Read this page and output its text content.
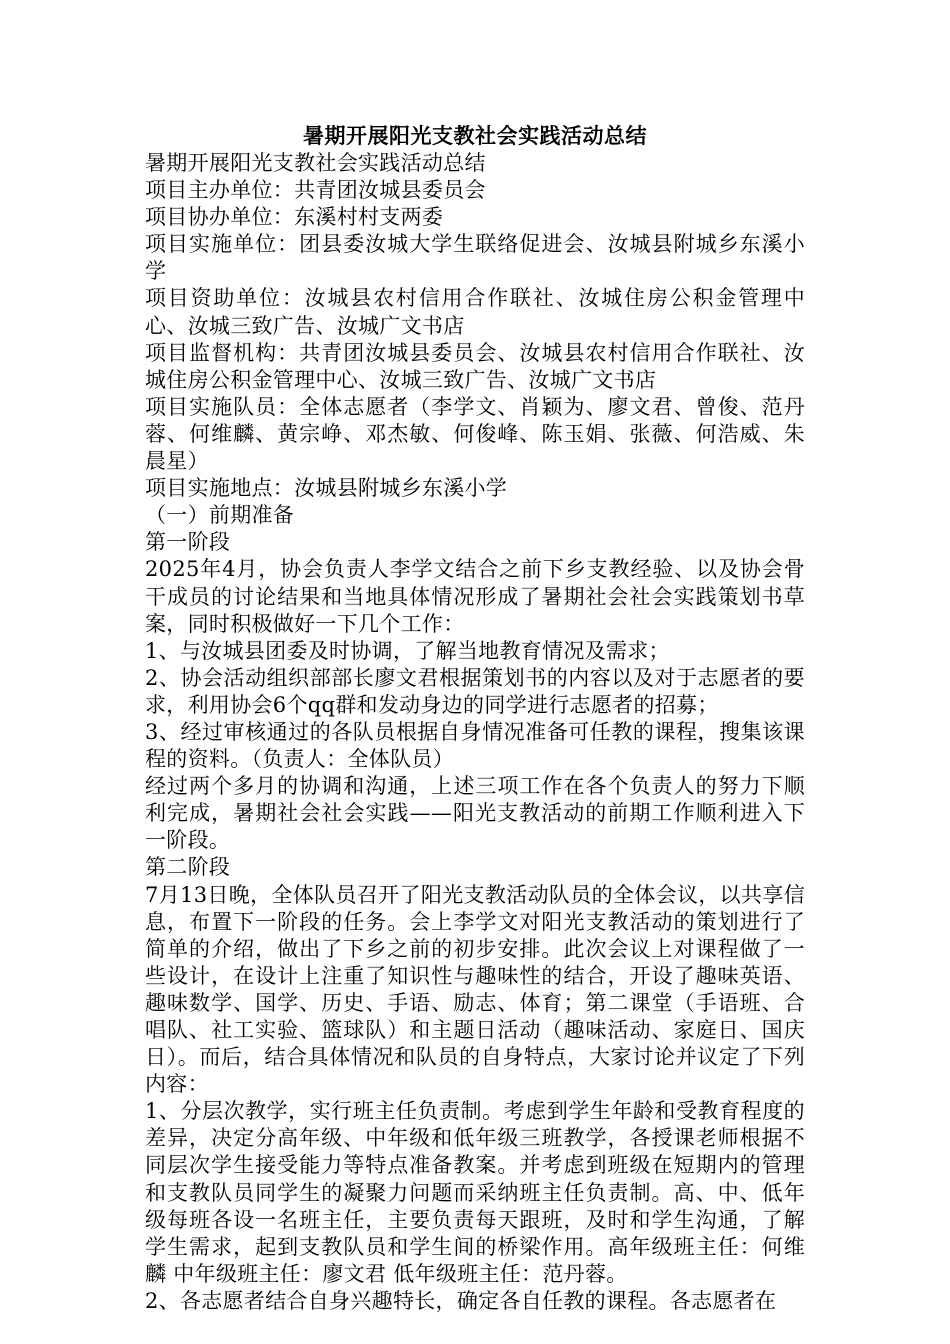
暑期开展阳光支教社会实践活动总结

暑期开展阳光支教社会实践活动总结

项目主办单位：共青团汝城县委员会

项目协办单位：东溪村村支两委

项目实施单位：团县委汝城大学生联络促进会、汝城县附城乡东溪小学

项目资助单位：汝城县农村信用合作联社、汝城住房公积金管理中心、汝城三致广告、汝城广文书店

项目监督机构：共青团汝城县委员会、汝城县农村信用合作联社、汝城住房公积金管理中心、汝城三致广告、汝城广文书店

项目实施队员：全体志愿者（李学文、肖颖为、廖文君、曾俊、范丹蓉、何维麟、黄宗峥、邓杰敏、何俊峰、陈玉娟、张薇、何浩威、朱晨星）

项目实施地点：汝城县附城乡东溪小学

（一）前期准备

第一阶段

2025年4月，协会负责人李学文结合之前下乡支教经验、以及协会骨干成员的讨论结果和当地具体情况形成了暑期社会社会实践策划书草案，同时积极做好一下几个工作：

1、与汝城县团委及时协调，了解当地教育情况及需求；

2、协会活动组织部部长廖文君根据策划书的内容以及对于志愿者的要求，利用协会6个qq群和发动身边的同学进行志愿者的招募；

3、经过审核通过的各队员根据自身情况准备可任教的课程，搜集该课程的资料。（负责人：全体队员）

经过两个多月的协调和沟通，上述三项工作在各个负责人的努力下顺利完成，暑期社会社会实践——阳光支教活动的前期工作顺利进入下一阶段。

第二阶段

7月13日晚，全体队员召开了阳光支教活动队员的全体会议，以共享信息，布置下一阶段的任务。会上李学文对阳光支教活动的策划进行了简单的介绍，做出了下乡之前的初步安排。此次会议上对课程做了一些设计，在设计上注重了知识性与趣味性的结合，开设了趣味英语、趣味数学、国学、历史、手语、励志、体育；第二课堂（手语班、合唱队、社工实验、篮球队）和主题日活动（趣味活动、家庭日、国庆日）。而后，结合具体情况和队员的自身特点，大家讨论并议定了下列内容：

1、分层次教学，实行班主任负责制。考虑到学生年龄和受教育程度的差异，决定分高年级、中年级和低年级三班教学，各授课老师根据不同层次学生接受能力等特点准备教案。并考虑到班级在短期内的管理和支教队员同学生的凝聚力问题而采纳班主任负责制。高、中、低年级每班各设一名班主任，主要负责每天跟班，及时和学生沟通，了解学生需求，起到支教队员和学生间的桥梁作用。高年级班主任：何维麟 中年级班主任：廖文君 低年级班主任：范丹蓉。

2、各志愿者结合自身兴趣特长，确定各自任教的课程。各志愿者在
